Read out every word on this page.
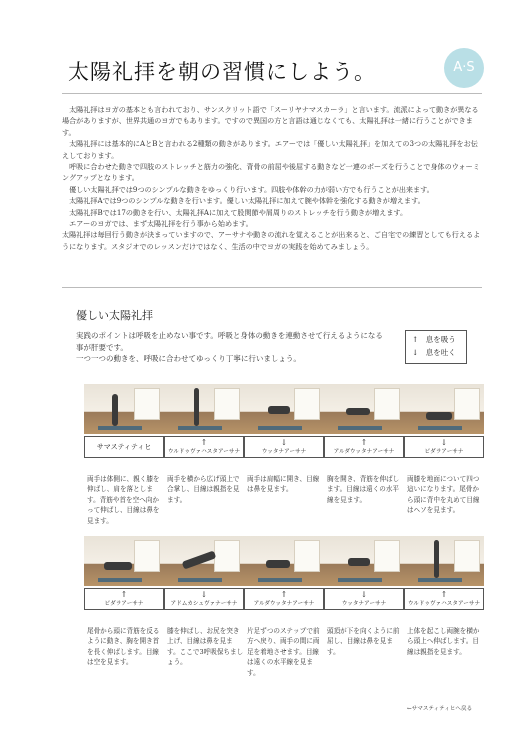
太陽礼拝を朝の習慣にしよう。	A·S

　太陽礼拝はヨガの基本とも言われており、サンスクリット語で「スーリヤナマスカーラ」と言います。流派によって動きが異なる場合がありますが、世界共通のヨガでもあります。ですので異国の方と言語は通じなくても、太陽礼拝は一緒に行うことができます。

　太陽礼拝には基本的にAとBと言われる2種類の動きがあります。エアーでは「優しい太陽礼拝」を加えての3つの太陽礼拝をお伝えしております。

　呼吸に合わせた動きで四肢のストレッチと筋力の強化、背骨の前屈や後屈する動きなど一連のポーズを行うことで身体のウォーミングアップとなります。

　優しい太陽礼拝では9つのシンプルな動きをゆっくり行います。四肢や体幹の力が弱い方でも行うことが出来ます。

　太陽礼拝Aでは9つのシンプルな動きを行います。優しい太陽礼拝に加えて腕や体幹を強化する動きが増えます。

　太陽礼拝Bでは17の動きを行い、太陽礼拝Aに加えて股関節や屑周りのストレッチを行う動きが増えます。

　エアーのヨガでは、まず太陽礼拝を行う事から始めます。

太陽礼拝は毎回行う動きが決まっていますので、アーサナや動きの流れを覚えることが出来ると、ご自宅での練習としても行えるようになります。スタジオでのレッスンだけではなく、生活の中でヨガの実践を始めてみましょう。

優しい太陽礼拝

実践のポイントは呼吸を止めない事です。呼吸と身体の動きを連動させて行えるようになる事が肝要です。

一つ一つの動きを、呼吸に合わせてゆっくり丁寧に行いましょう。

↑　息を吸う
↓　息を吐く
サマスティティヒ
両手は体側に、親く膝を伸ばし、肩を落とします。背筋や首を空へ向かって伸ばし、目線は鼻を見ます。
↑
ウルドゥヴァハスタアーサナ
両手を横から広げ頭上で合掌し、目線は親指を見ます。
↓
ウッタナアーサナ
両手は肩幅に開き、目線は鼻を見ます。
↑
アルダウッタナアーサナ
胸を開き、背筋を伸ばします。目線は遠くの水平線を見ます。
↓
ビダラアーサナ
両膝を地面について四つ這いになります。尾骨から頭に背中を丸めて目線はヘソを見ます。
↑
ビダラアーサナ
尾骨から頭に背筋を反るように動き、胸を開き首を長く伸ばします。目線は空を見ます。
↓
アドムカシュヴァナーサナ
膝を伸ばし、お尻を突き上げ、目線は鼻を見ます。ここで3呼吸保ちましょう。
↑
アルダウッタナアーサナ
片足ずつのステップで前方へ戻り、両手の間に両足を着地させます。目線は遠くの水平線を見ます。
↓
ウッタナアーサナ
頭頂が下を向くように前屈し、目線は鼻を見ます。
↑
ウルドゥヴァハスタアーサナ
上体を起こし両腕を横から頭上へ伸ばします。目線は親指を見ます。
←サマスティティヒへ戻る
